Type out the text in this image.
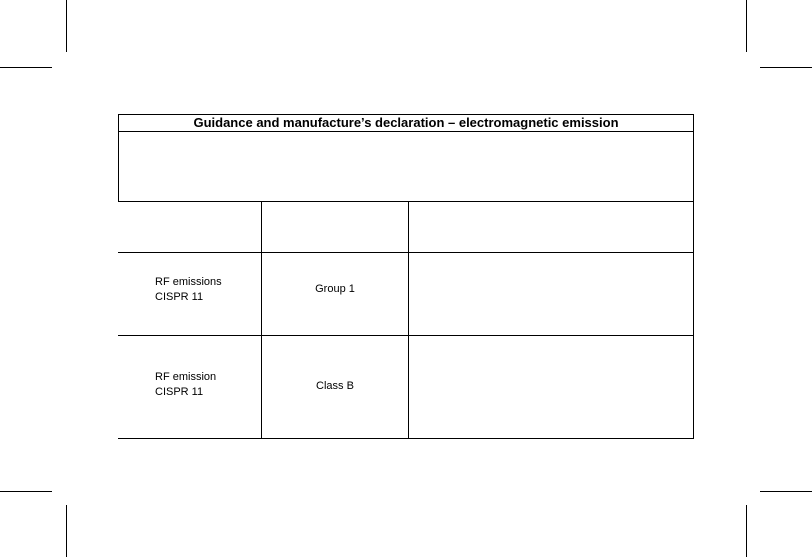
Guidance and manufacture’s declaration – electromagnetic emission
RF emissions
CISPR 11
Group 1
RF emission
CISPR 11	Class B
